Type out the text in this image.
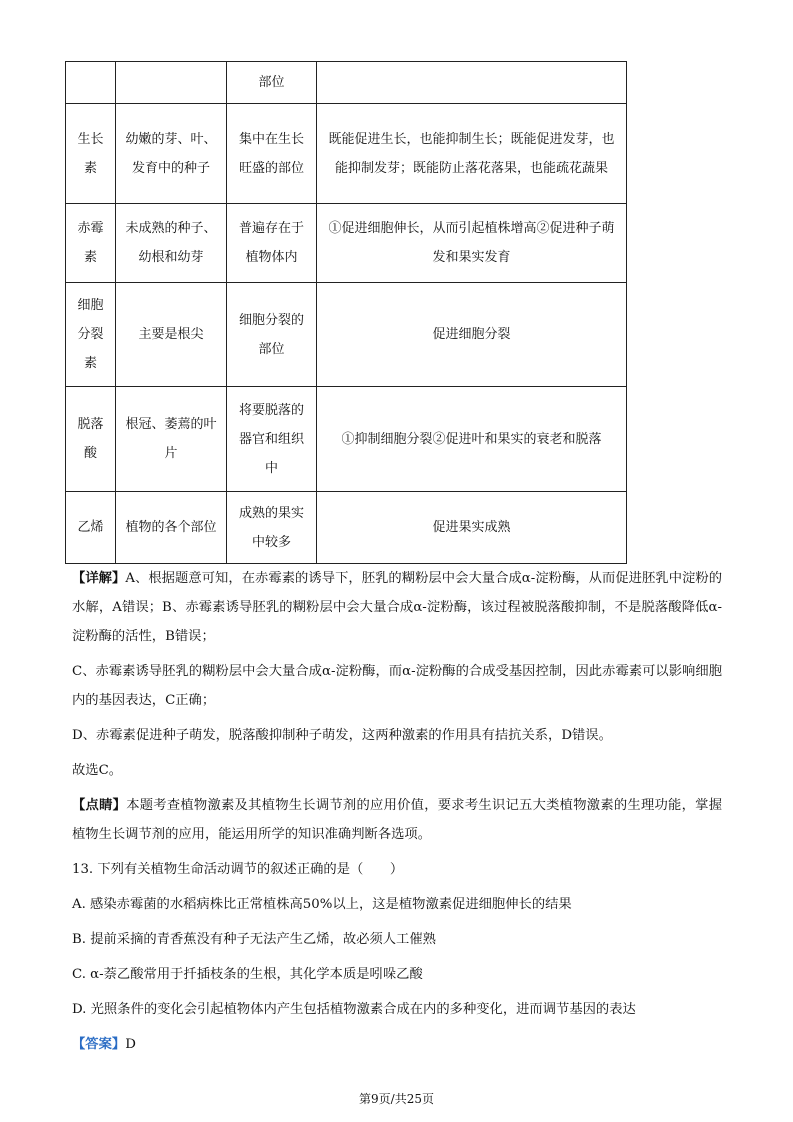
		部位	
生长素	幼嫩的芽、叶、发育中的种子	集中在生长旺盛的部位	既能促进生长，也能抑制生长；既能促进发芽，也能抑制发芽；既能防止落花落果，也能疏花蔬果
赤霉素	未成熟的种子、幼根和幼芽	普遍存在于植物体内	①促进细胞伸长，从而引起植株增高②促进种子萌发和果实发育
细胞分裂素	主要是根尖	细胞分裂的部位	促进细胞分裂
脱落酸	根冠、萎蔫的叶片	将要脱落的器官和组织中	①抑制细胞分裂②促进叶和果实的衰老和脱落
乙烯	植物的各个部位	成熟的果实中较多	促进果实成熟

【详解】A、根据题意可知，在赤霉素的诱导下，胚乳的糊粉层中会大量合成α-淀粉酶，从而促进胚乳中淀粉的水解，A错误；B、赤霉素诱导胚乳的糊粉层中会大量合成α-淀粉酶，该过程被脱落酸抑制，不是脱落酸降低α-淀粉酶的活性，B错误；

C、赤霉素诱导胚乳的糊粉层中会大量合成α-淀粉酶，而α-淀粉酶的合成受基因控制，因此赤霉素可以影响细胞内的基因表达，C正确；

D、赤霉素促进种子萌发，脱落酸抑制种子萌发，这两种激素的作用具有拮抗关系，D错误。

故选C。

【点睛】本题考查植物激素及其植物生长调节剂的应用价值，要求考生识记五大类植物激素的生理功能，掌握植物生长调节剂的应用，能运用所学的知识准确判断各选项。

13. 下列有关植物生命活动调节的叙述正确的是（　　）

A. 感染赤霉菌的水稻病株比正常植株高50%以上，这是植物激素促进细胞伸长的结果

B. 提前采摘的青香蕉没有种子无法产生乙烯，故必须人工催熟

C. α-萘乙酸常用于扦插枝条的生根，其化学本质是吲哚乙酸

D. 光照条件的变化会引起植物体内产生包括植物激素合成在内的多种变化，进而调节基因的表达

【答案】D

第9页/共25页
